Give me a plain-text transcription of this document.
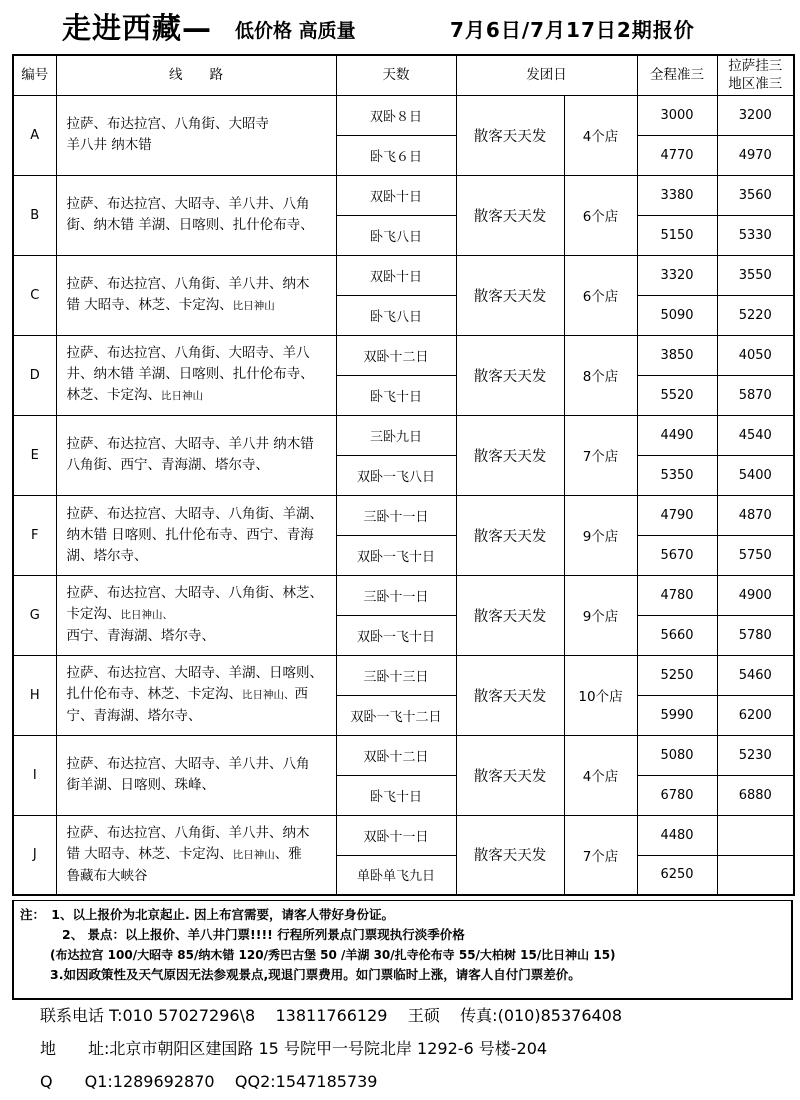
走进西藏— 低价格 高质量	7月6日/7月17日2期报价
编号	线　　路	天数	发团日		全程准三	拉萨挂三
地区准三

A	拉萨、布达拉宫、八角街、大昭寺
羊八井 纳木错	双卧８日	散客天天发	4个店	3000	3200
		卧飞６日			4770	4970
B	拉萨、布达拉宫、大昭寺、羊八井、八角
街、纳木错 羊湖、日喀则、扎什伦布寺、	双卧十日	散客天天发	6个店	3380	3560
		卧飞八日			5150	5330
C	拉萨、布达拉宫、八角街、羊八井、纳木
错 大昭寺、林芝、卡定沟、比日神山	双卧十日	散客天天发	6个店	3320	3550
		卧飞八日			5090	5220
D	拉萨、布达拉宫、八角街、大昭寺、羊八
井、纳木错 羊湖、日喀则、扎什伦布寺、
林芝、卡定沟、比日神山	双卧十二日	散客天天发	8个店	3850	4050
		卧飞十日			5520	5870
E	拉萨、布达拉宫、大昭寺、羊八井 纳木错
八角街、西宁、青海湖、塔尔寺、	三卧九日	散客天天发	7个店	4490	4540
		双卧一飞八日			5350	5400
F	拉萨、布达拉宫、大昭寺、八角街、羊湖、
纳木错 日喀则、扎什伦布寺、西宁、青海
湖、塔尔寺、	三卧十一日	散客天天发	9个店	4790	4870
		双卧一飞十日			5670	5750
G	拉萨、布达拉宫、大昭寺、八角街、林芝、
卡定沟、比日神山、
西宁、青海湖、塔尔寺、	三卧十一日	散客天天发	9个店	4780	4900
		双卧一飞十日			5660	5780
H	拉萨、布达拉宫、大昭寺、羊湖、日喀则、
扎什伦布寺、林芝、卡定沟、比日神山、西
宁、青海湖、塔尔寺、	三卧十三日	散客天天发	10个店	5250	5460
		双卧一飞十二日			5990	6200
I	拉萨、布达拉宫、大昭寺、羊八井、八角
街羊湖、日喀则、珠峰、	双卧十二日	散客天天发	4个店	5080	5230
		卧飞十日			6780	6880
J	拉萨、布达拉宫、八角街、羊八井、纳木
错 大昭寺、林芝、卡定沟、比日神山、雅
鲁藏布大峡谷	双卧十一日	散客天天发	7个店	4480	
		单卧单飞九日			6250	
注：　1、以上报价为北京起止. 因上布宫需要，请客人带好身份证。
2、 景点：以上报价、羊八井门票!!!! 行程所列景点门票现执行淡季价格
(布达拉宫 100/大昭寺 85/纳木错 120/秀巴古堡 50 /羊湖 30/扎寺伦布寺 55/大柏树 15/比日神山 15)
3.如因政策性及天气原因无法参观景点,现退门票费用。如门票临时上涨，请客人自付门票差价。
联系电话 T:010 57027296\8 13811766129 王硕 传真:(010)85376408
地　　址:北京市朝阳区建国路 15 号院甲一号院北岸 1292-6 号楼-204
Q　　Q1:1289692870 QQ2:1547185739
